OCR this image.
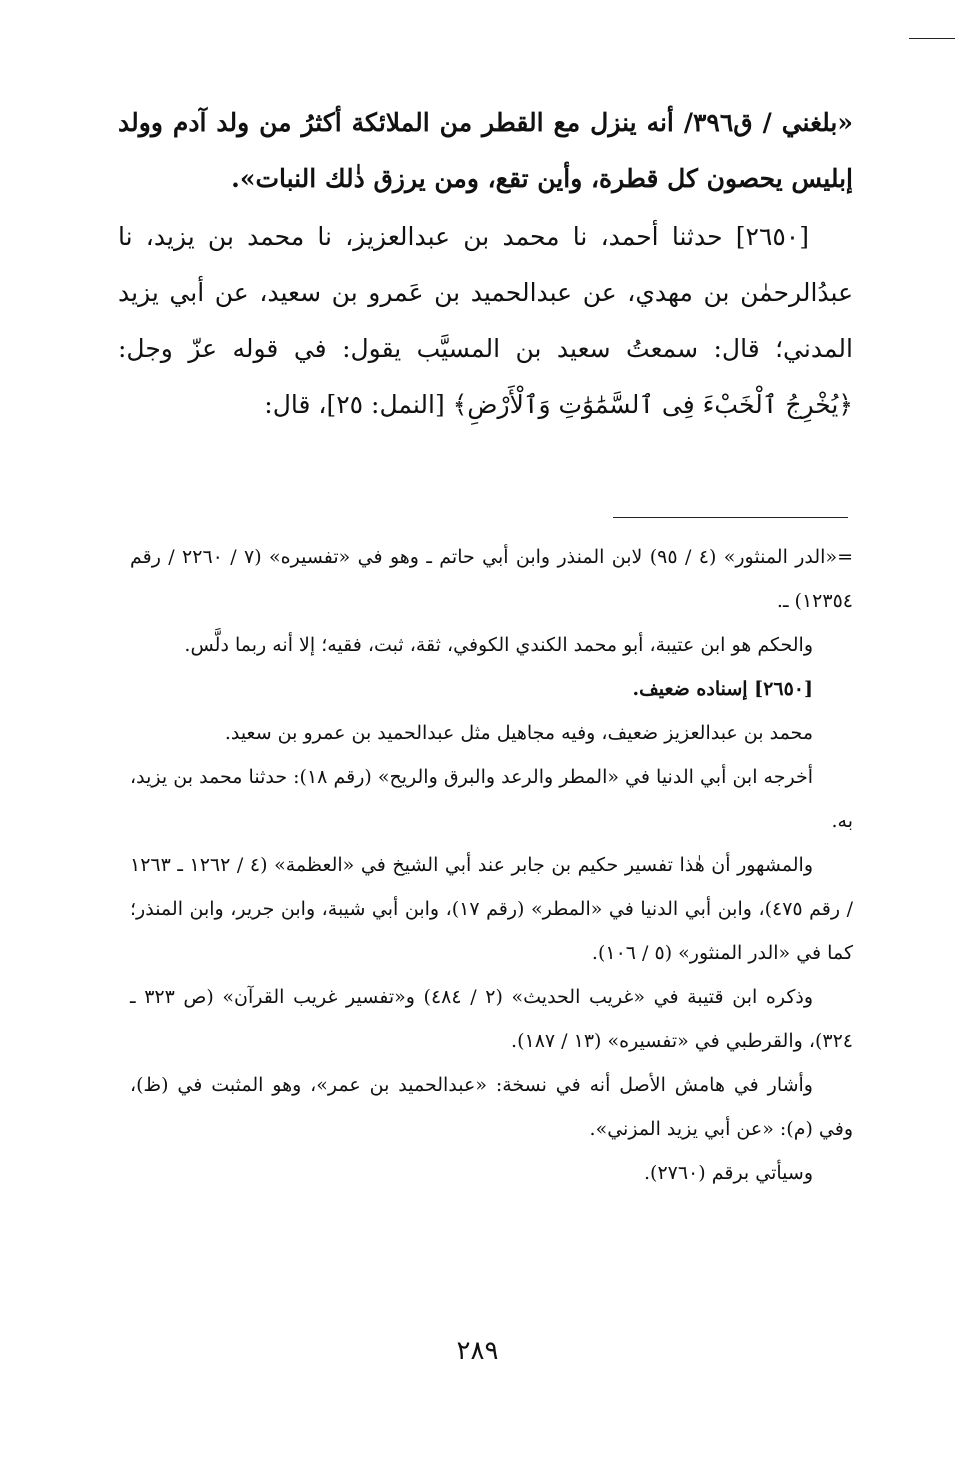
«بلغني / ق٣٩٦/ أنه ينزل مع القطر من الملائكة أكثرُ من ولد آدم وولد إبليس يحصون كل قطرة، وأين تقع، ومن يرزق ذٰلك النبات».

[٢٦٥٠] حدثنا أحمد، نا محمد بن عبدالعزيز، نا محمد بن يزيد، نا عبدُالرحمٰن بن مهدي، عن عبدالحميد بن عَمرو بن سعيد، عن أبي يزيد المدني؛ قال: سمعتُ سعيد بن المسيَّب يقول: في قوله عزّ وجل: ﴿يُخْرِجُ ٱلْخَبْءَ فِى ٱلسَّمَٰوَٰتِ وَٱلْأَرْضِ﴾ [النمل: ٢٥]، قال:

=«الدر المنثور» (٤ / ٩٥) لابن المنذر وابن أبي حاتم ـ وهو في «تفسيره» (٧ / ٢٢٦٠ / رقم ١٢٣٥٤) ـ.

والحكم هو ابن عتيبة، أبو محمد الكندي الكوفي، ثقة، ثبت، فقيه؛ إلا أنه ربما دلَّس.

[٢٦٥٠] إسناده ضعيف.

محمد بن عبدالعزيز ضعيف، وفيه مجاهيل مثل عبدالحميد بن عمرو بن سعيد.

أخرجه ابن أبي الدنيا في «المطر والرعد والبرق والريح» (رقم ١٨): حدثنا محمد بن يزيد، به.

والمشهور أن هٰذا تفسير حكيم بن جابر عند أبي الشيخ في «العظمة» (٤ / ١٢٦٢ ـ ١٢٦٣ / رقم ٤٧٥)، وابن أبي الدنيا في «المطر» (رقم ١٧)، وابن أبي شيبة، وابن جرير، وابن المنذر؛ كما في «الدر المنثور» (٥ / ١٠٦).

وذكره ابن قتيبة في «غريب الحديث» (٢ / ٤٨٤) و«تفسير غريب القرآن» (ص ٣٢٣ ـ ٣٢٤)، والقرطبي في «تفسيره» (١٣ / ١٨٧).

وأشار في هامش الأصل أنه في نسخة: «عبدالحميد بن عمر»، وهو المثبت في (ظ)، وفي (م): «عن أبي يزيد المزني».

وسيأتي برقم (٢٧٦٠).

٢٨٩
